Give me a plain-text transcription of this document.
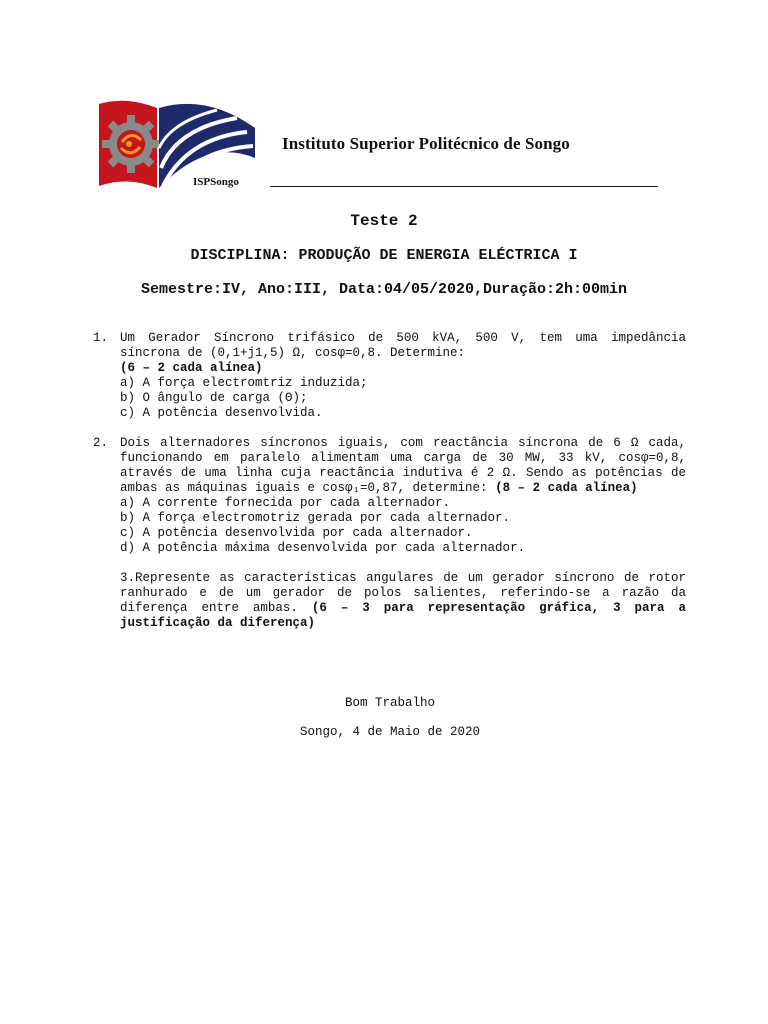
Instituto Superior Politécnico de Songo
ISPSongo
Teste 2
DISCIPLINA: PRODUÇÃO DE ENERGIA ELÉCTRICA I
Semestre:IV, Ano:III, Data:04/05/2020,Duração:2h:00min
1. Um Gerador Síncrono trifásico de 500 kVA, 500 V, tem uma impedância síncrona de (0,1+j1,5) Ω, cosφ=0,8. Determine:
(6 – 2 cada alínea)
a) A força electromtriz induzida;
b) O ângulo de carga (Θ);
c) A potência desenvolvida.
2. Dois alternadores síncronos iguais, com reactância síncrona de 6 Ω cada, funcionando em paralelo alimentam uma carga de 30 MW, 33 kV, cosφ=0,8, através de uma linha cuja reactância indutiva é 2 Ω. Sendo as potências de ambas as máquinas iguais e cosφ₁=0,87, determine: (8 – 2 cada alínea)
a) A corrente fornecida por cada alternador.
b) A força electromotriz gerada por cada alternador.
c) A potência desenvolvida por cada alternador.
d) A potência máxima desenvolvida por cada alternador.
3.Represente as características angulares de um gerador síncrono de rotor ranhurado e de um gerador de polos salientes, referindo-se a razão da diferença entre ambas. (6 – 3 para representação gráfica, 3 para a justificação da diferença)
Bom Trabalho
Songo, 4 de Maio de 2020
